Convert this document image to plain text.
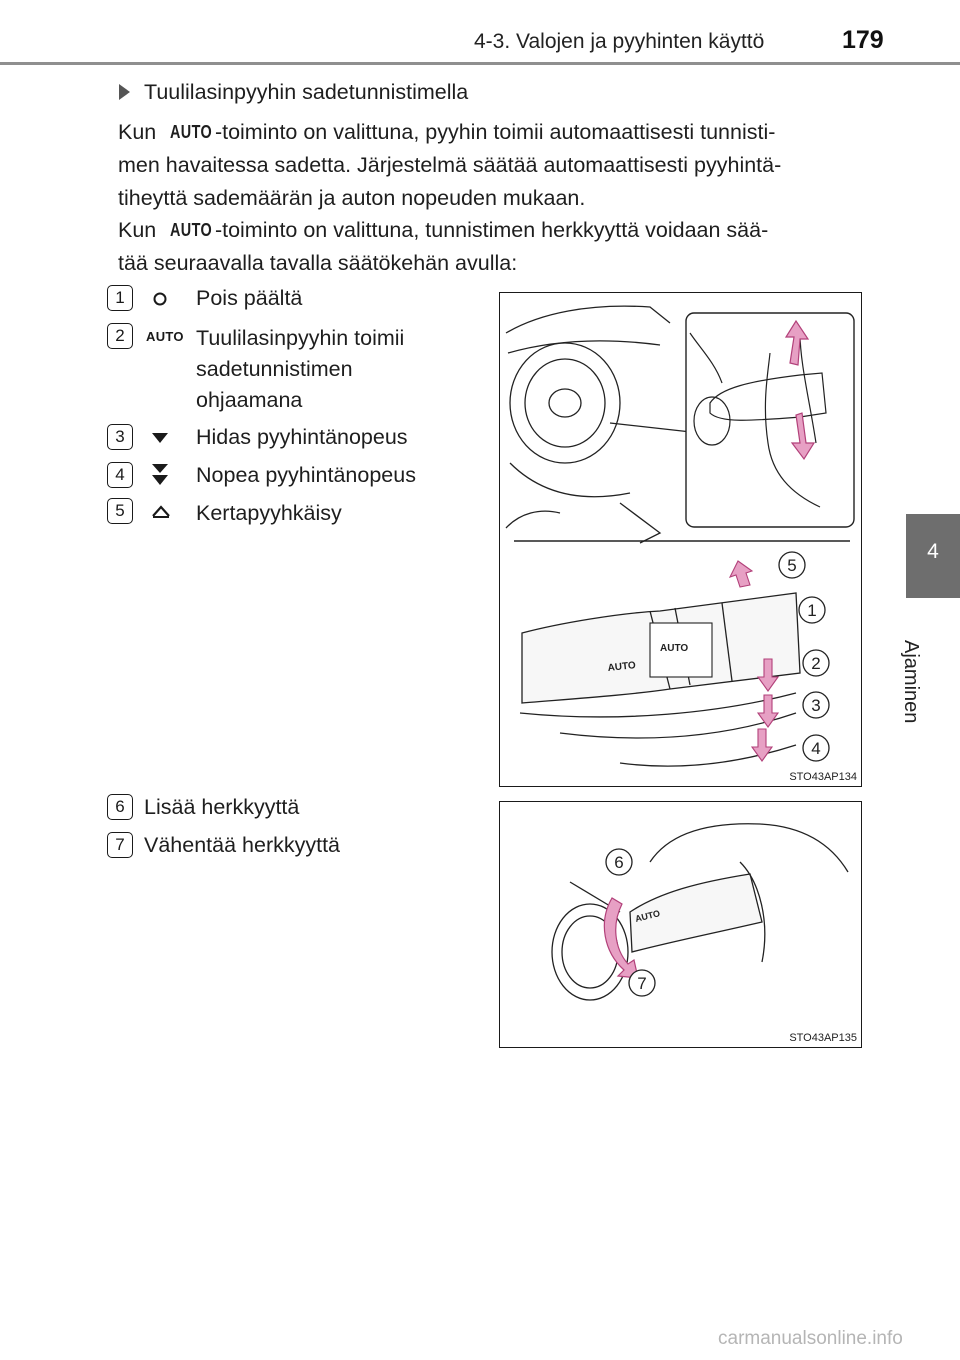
4-3. Valojen ja pyyhinten käyttö	179
4
Ajaminen
Tuulilasinpyyhin sadetunnistimella
Kun AUTO -toiminto on valittuna, pyyhin toimii automaattisesti tunnisti-
men havaitessa sadetta. Järjestelmä säätää automaattisesti pyyhintä-
tiheyttä sademäärän ja auton nopeuden mukaan.
Kun AUTO -toiminto on valittuna, tunnistimen herkkyyttä voidaan sää-
tää seuraavalla tavalla säätökehän avulla:
1	Pois päältä
2	AUTO Tuulilasinpyyhin toimii
sadetunnistimen
ohjaamana
3	Hidas pyyhintänopeus
4	Nopea pyyhintänopeus
5	Kertapyyhkäisy
6 Lisää herkkyyttä
7 Vähentää herkkyyttä
AUTO
AUTO
5
1
2
3
4
STO43AP134
AUTO
6
7
STO43AP135
carmanualsonline.info
